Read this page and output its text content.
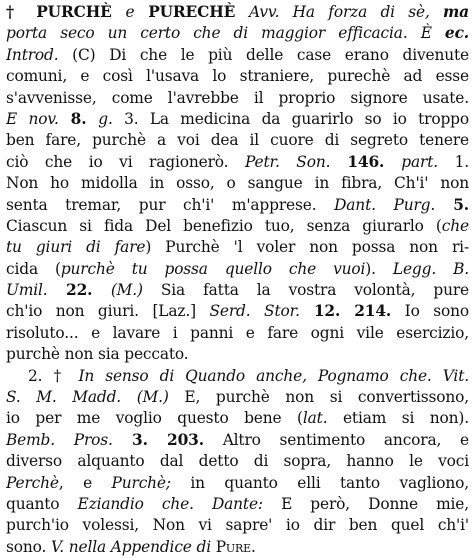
† PURCHÈ e PURECHÈ Avv. Ha forza di sè, ma
porta seco un certo che di maggior efficacia. È ec.
Introd. (C) Di che le più delle case erano divenute
comuni, e così l'usava lo straniere, purechè ad esse
s'avvenisse, come l'avrebbe il proprio signore usate.
E nov. 8. g. 3. La medicina da guarirlo so io troppo
ben fare, purchè a voi dea il cuore di segreto tenere
ciò che io vi ragionerò. Petr. Son. 146. part. 1.
Non ho midolla in osso, o sangue in fibra, Ch'i' non
senta tremar, pur ch'i' m'apprese. Dant. Purg. 5.
Ciascun si fida Del benefizio tuo, senza giurarlo (che
tu giuri di fare) Purchè 'l voler non possa non ri-
cida (purchè tu possa quello che vuoi). Legg. B.
Umil. 22. (M.) Sia fatta la vostra volontà, pure
ch'io non giuri. [Laz.] Serd. Stor. 12. 214. Io sono
risoluto... e lavare i panni e fare ogni vile esercizio,
purchè non sia peccato.
2. † In senso di Quando anche, Pognamo che. Vit.
S. M. Madd. (M.) E, purchè non si convertissono,
io per me voglio questo bene (lat. etiam si non).
Bemb. Pros. 3. 203. Altro sentimento ancora, e
diverso alquanto dal detto di sopra, hanno le voci
Perchè, e Purchè; in quanto elli tanto vagliono,
quanto Eziandio che. Dante: E però, Donne mie,
purch'io volessi, Non vi sapre' io dir ben quel ch'i'
sono. V. nella Appendice di Pure.
